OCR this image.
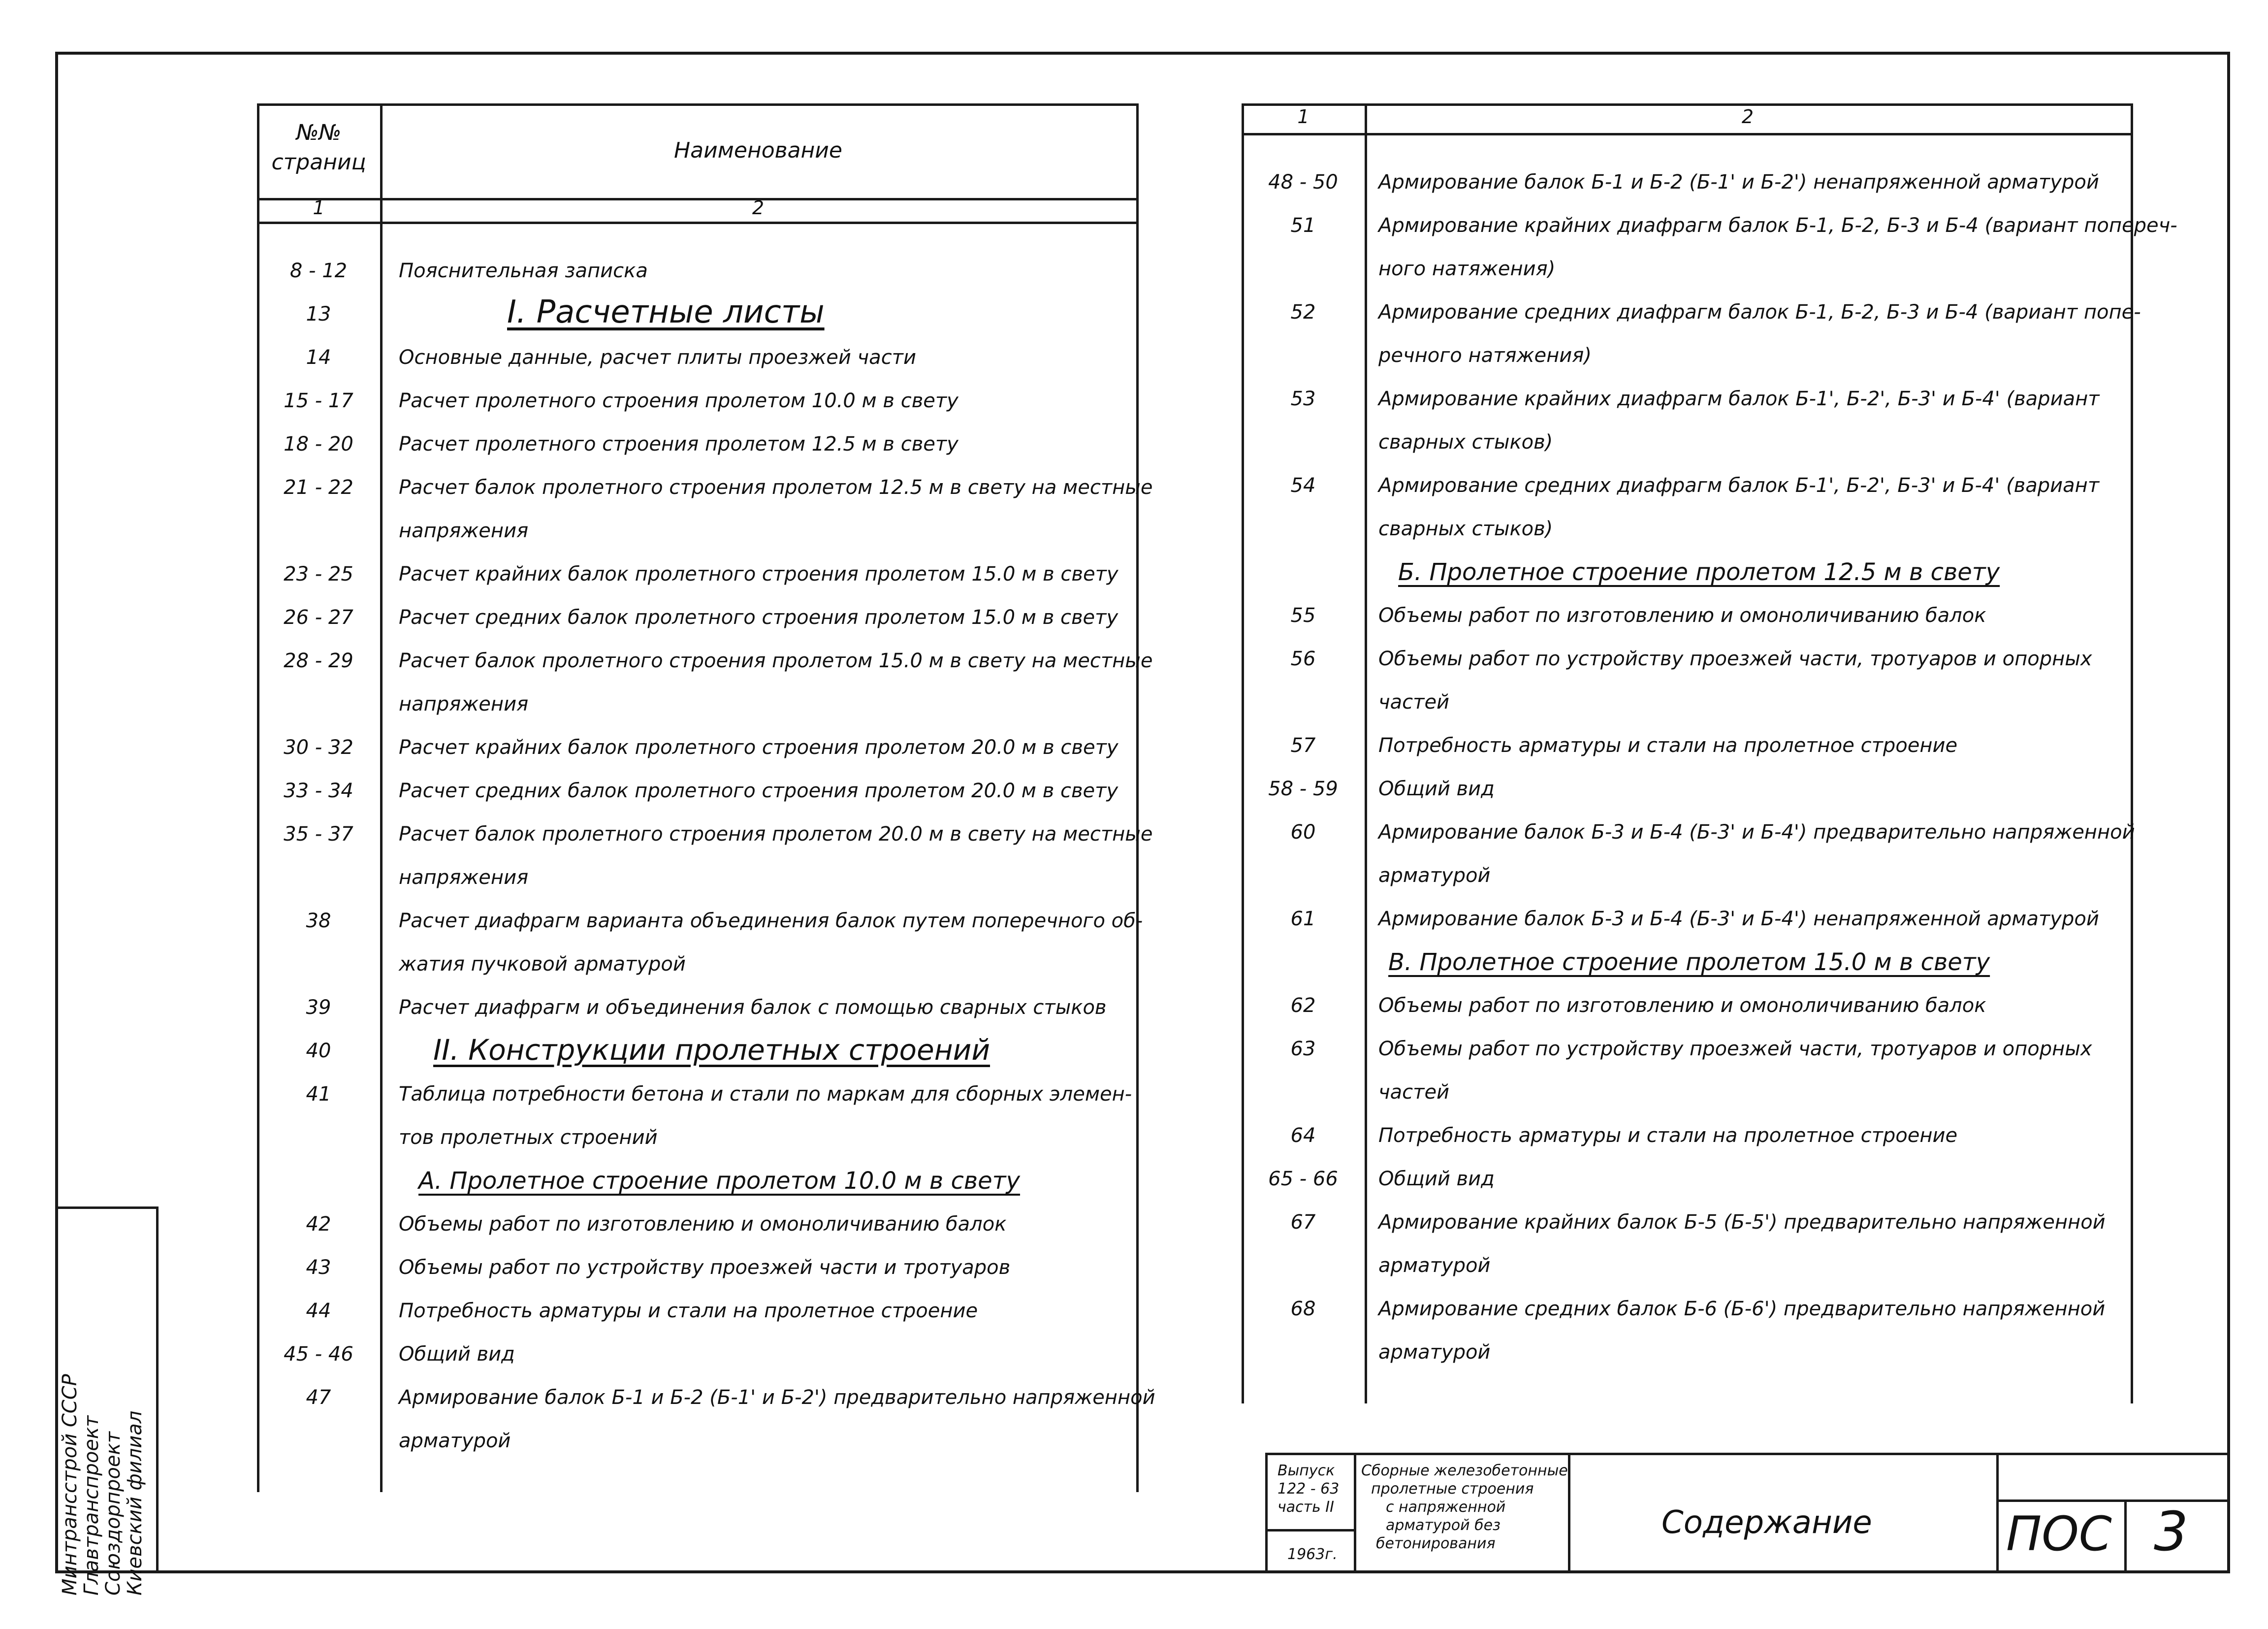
№№ страниц	Наименование
1	2
8 - 12	Пояснительная записка
13	I. Расчетные листы
14	Основные данные, расчет плиты проезжей части
15 - 17	Расчет пролетного строения пролетом 10.0 м в свету
18 - 20	Расчет пролетного строения пролетом 12.5 м в свету
21 - 22	Расчет балок пролетного строения пролетом 12.5 м в свету на местные
напряжения
23 - 25	Расчет крайних балок пролетного строения пролетом 15.0 м в свету
26 - 27	Расчет средних балок пролетного строения пролетом 15.0 м в свету
28 - 29	Расчет балок пролетного строения пролетом 15.0 м в свету на местные
напряжения
30 - 32	Расчет крайних балок пролетного строения пролетом 20.0 м в свету
33 - 34	Расчет средних балок пролетного строения пролетом 20.0 м в свету
35 - 37	Расчет балок пролетного строения пролетом 20.0 м в свету на местные
напряжения
38	Расчет диафрагм варианта объединения балок путем поперечного об-
жатия пучковой арматурой
39	Расчет диафрагм и объединения балок с помощью сварных стыков
40	II. Конструкции пролетных строений
41	Таблица потребности бетона и стали по маркам для сборных элемен-
тов пролетных строений
А. Пролетное строение пролетом 10.0 м в свету
42	Объемы работ по изготовлению и омоноличиванию балок
43	Объемы работ по устройству проезжей части и тротуаров
44	Потребность арматуры и стали на пролетное строение
45 - 46	Общий вид
47	Армирование балок Б-1 и Б-2 (Б-1' и Б-2') предварительно напряженной
арматурой
1	2
48 - 50	Армирование балок Б-1 и Б-2 (Б-1' и Б-2') ненапряженной арматурой
51	Армирование крайних диафрагм балок Б-1, Б-2, Б-3 и Б-4 (вариант попереч-
ного натяжения)
52	Армирование средних диафрагм балок Б-1, Б-2, Б-3 и Б-4 (вариант попе-
речного натяжения)
53	Армирование крайних диафрагм балок Б-1', Б-2', Б-3' и Б-4' (вариант
сварных стыков)
54	Армирование средних диафрагм балок Б-1', Б-2', Б-3' и Б-4' (вариант
сварных стыков)
Б. Пролетное строение пролетом 12.5 м в свету
55	Объемы работ по изготовлению и омоноличиванию балок
56	Объемы работ по устройству проезжей части, тротуаров и опорных
частей
57	Потребность арматуры и стали на пролетное строение
58 - 59	Общий вид
60	Армирование балок Б-3 и Б-4 (Б-3' и Б-4') предварительно напряженной
арматурой
61	Армирование балок Б-3 и Б-4 (Б-3' и Б-4') ненапряженной арматурой
В. Пролетное строение пролетом 15.0 м в свету
62	Объемы работ по изготовлению и омоноличиванию балок
63	Объемы работ по устройству проезжей части, тротуаров и опорных
частей
64	Потребность арматуры и стали на пролетное строение
65 - 66	Общий вид
67	Армирование крайних балок Б-5 (Б-5') предварительно напряженной
арматурой
68	Армирование средних балок Б-6 (Б-6') предварительно напряженной
арматурой
Минтрансстрой СССР
Главтранспроект
Союздорпроект
Киевский филиал	Выпуск
122 - 63
часть II
1963г.
Сборные железобетонные
пролетные строения
с напряженной
арматурой без
бетонирования
Содержание	ПОС 3
